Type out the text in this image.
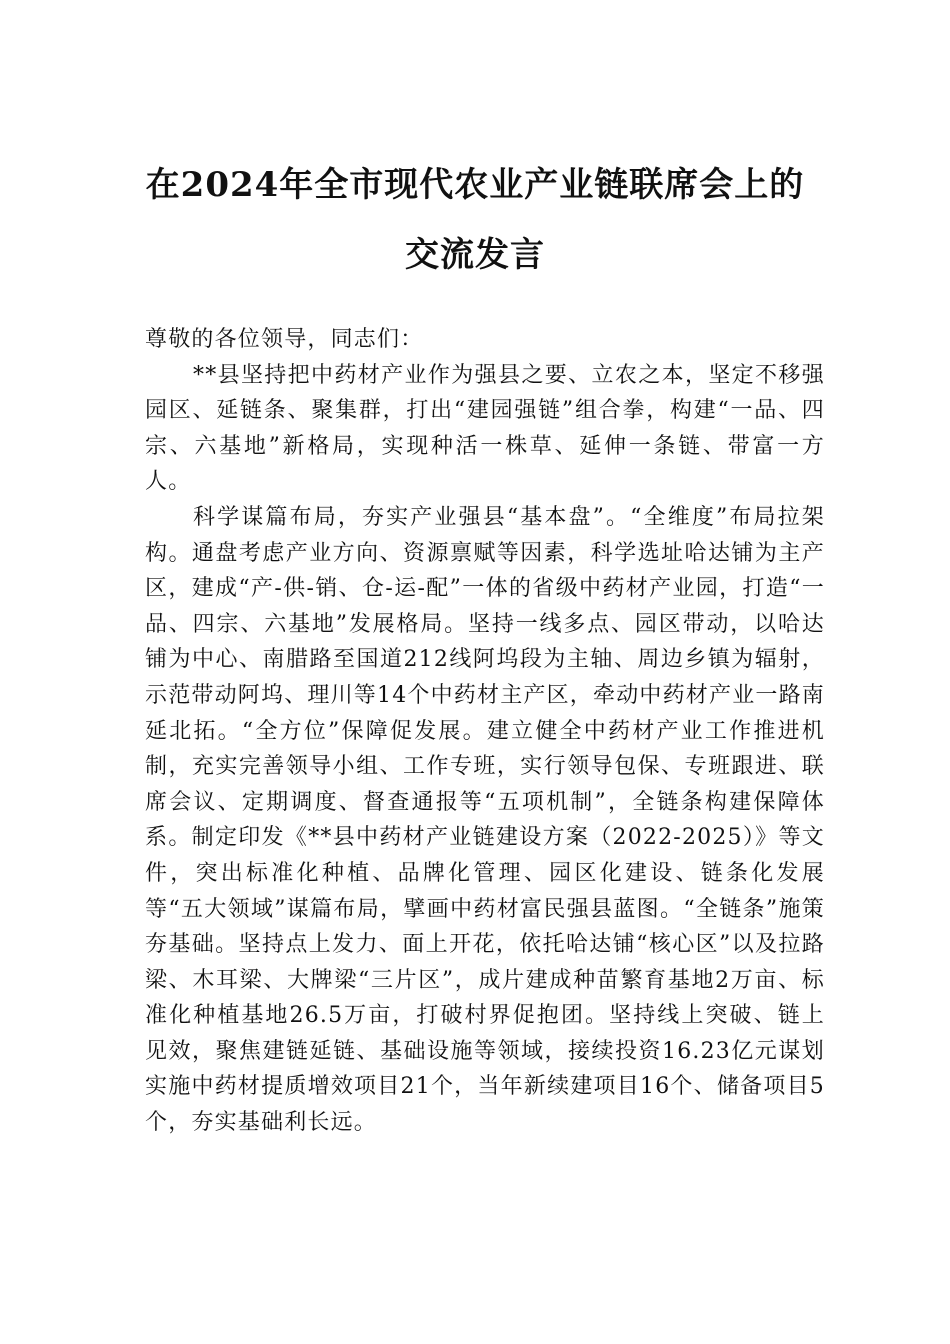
在2024年全市现代农业产业链联席会上的
交流发言

尊敬的各位领导，同志们：

**县坚持把中药材产业作为强县之要、立农之本，坚定不移强园区、延链条、聚集群，打出“建园强链”组合拳，构建“一品、四宗、六基地”新格局，实现种活一株草、延伸一条链、带富一方人。

科学谋篇布局，夯实产业强县“基本盘”。“全维度”布局拉架构。通盘考虑产业方向、资源禀赋等因素，科学选址哈达铺为主产区，建成“产-供-销、仓-运-配”一体的省级中药材产业园，打造“一品、四宗、六基地”发展格局。坚持一线多点、园区带动，以哈达铺为中心、南腊路至国道212线阿坞段为主轴、周边乡镇为辐射，示范带动阿坞、理川等14个中药材主产区，牵动中药材产业一路南延北拓。“全方位”保障促发展。建立健全中药材产业工作推进机制，充实完善领导小组、工作专班，实行领导包保、专班跟进、联席会议、定期调度、督查通报等“五项机制”，全链条构建保障体系。制定印发《**县中药材产业链建设方案（2022-2025）》等文件，突出标准化种植、品牌化管理、园区化建设、链条化发展等“五大领域”谋篇布局，擘画中药材富民强县蓝图。“全链条”施策夯基础。坚持点上发力、面上开花，依托哈达铺“核心区”以及拉路梁、木耳梁、大牌梁“三片区”，成片建成种苗繁育基地2万亩、标准化种植基地26.5万亩，打破村界促抱团。坚持线上突破、链上见效，聚焦建链延链、基础设施等领域，接续投资16.23亿元谋划实施中药材提质增效项目21个，当年新续建项目16个、储备项目5个，夯实基础利长远。
